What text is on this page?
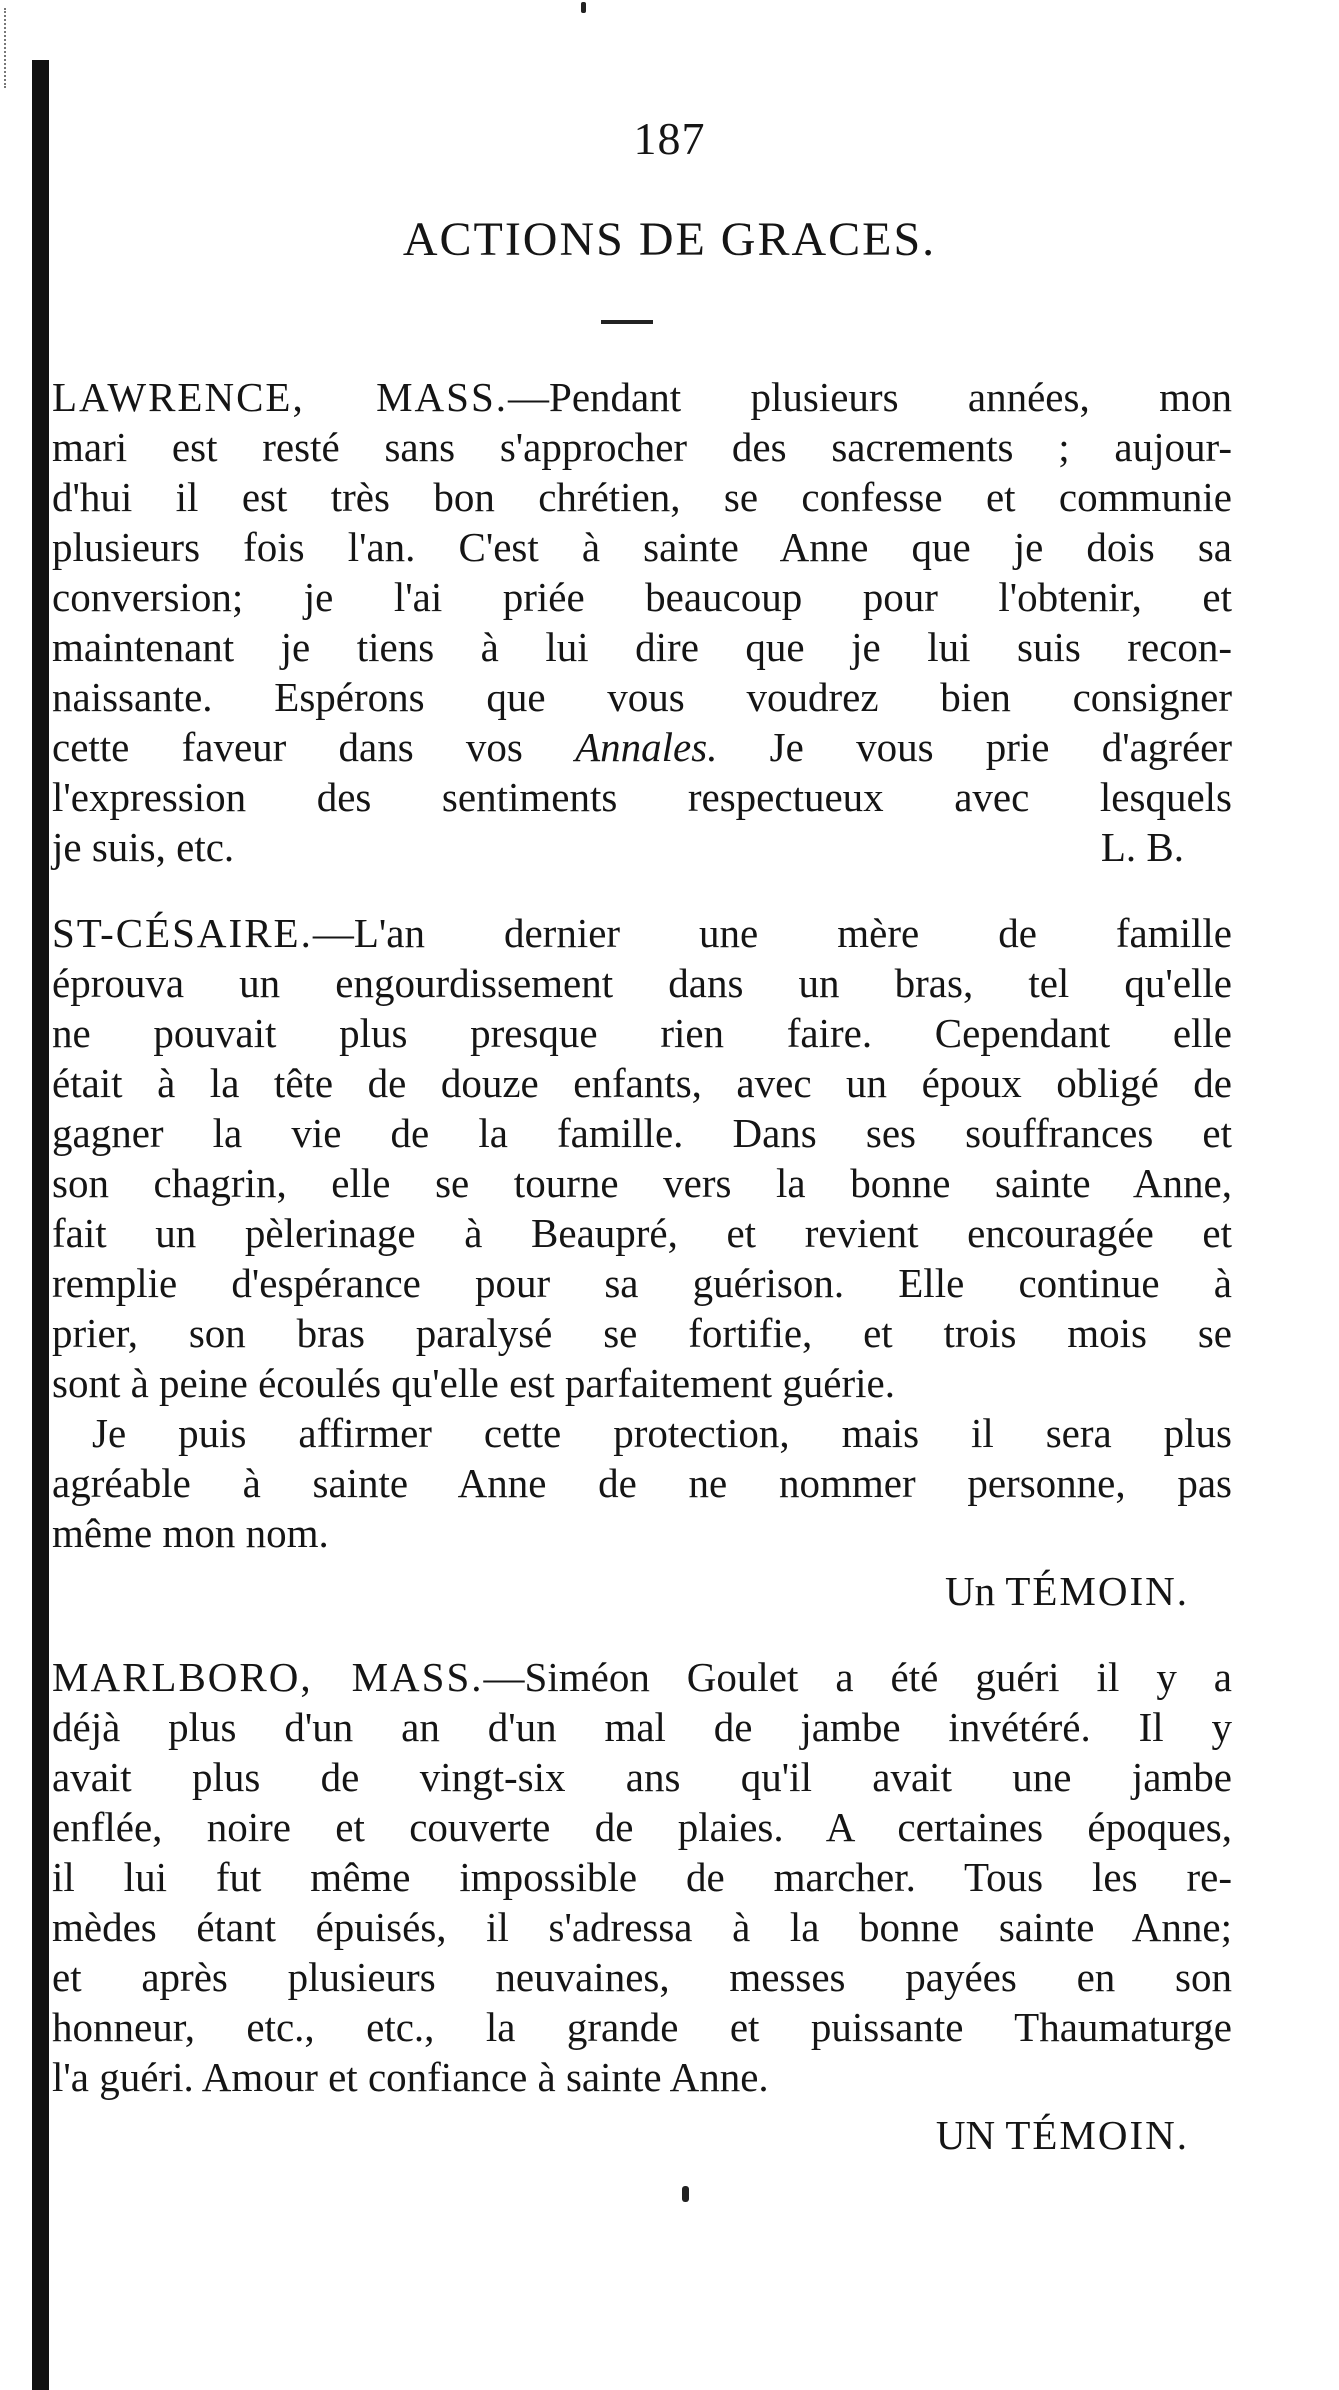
187
ACTIONS DE GRACES.
LAWRENCE, MASS.—Pendant plusieurs années, mon
mari est resté sans s'approcher des sacrements ; aujour-
d'hui il est très bon chrétien, se confesse et communie
plusieurs fois l'an. C'est à sainte Anne que je dois sa
conversion; je l'ai priée beaucoup pour l'obtenir, et
maintenant je tiens à lui dire que je lui suis recon-
naissante. Espérons que vous voudrez bien consigner
cette faveur dans vos Annales. Je vous prie d'agréer
l'expression des sentiments respectueux avec lesquels
je suis, etc.	L. B.
ST-CÉSAIRE.—L'an dernier une mère de famille
éprouva un engourdissement dans un bras, tel qu'elle
ne pouvait plus presque rien faire. Cependant elle
était à la tête de douze enfants, avec un époux obligé de
gagner la vie de la famille. Dans ses souffrances et
son chagrin, elle se tourne vers la bonne sainte Anne,
fait un pèlerinage à Beaupré, et revient encouragée et
remplie d'espérance pour sa guérison. Elle continue à
prier, son bras paralysé se fortifie, et trois mois se
sont à peine écoulés qu'elle est parfaitement guérie.
Je puis affirmer cette protection, mais il sera plus
agréable à sainte Anne de ne nommer personne, pas
même mon nom.
Un TÉMOIN.
MARLBORO, MASS.—Siméon Goulet a été guéri il y a
déjà plus d'un an d'un mal de jambe invétéré. Il y
avait plus de vingt-six ans qu'il avait une jambe
enflée, noire et couverte de plaies. A certaines époques,
il lui fut même impossible de marcher. Tous les re-
mèdes étant épuisés, il s'adressa à la bonne sainte Anne;
et après plusieurs neuvaines, messes payées en son
honneur, etc., etc., la grande et puissante Thaumaturge
l'a guéri. Amour et confiance à sainte Anne.
UN TÉMOIN.
